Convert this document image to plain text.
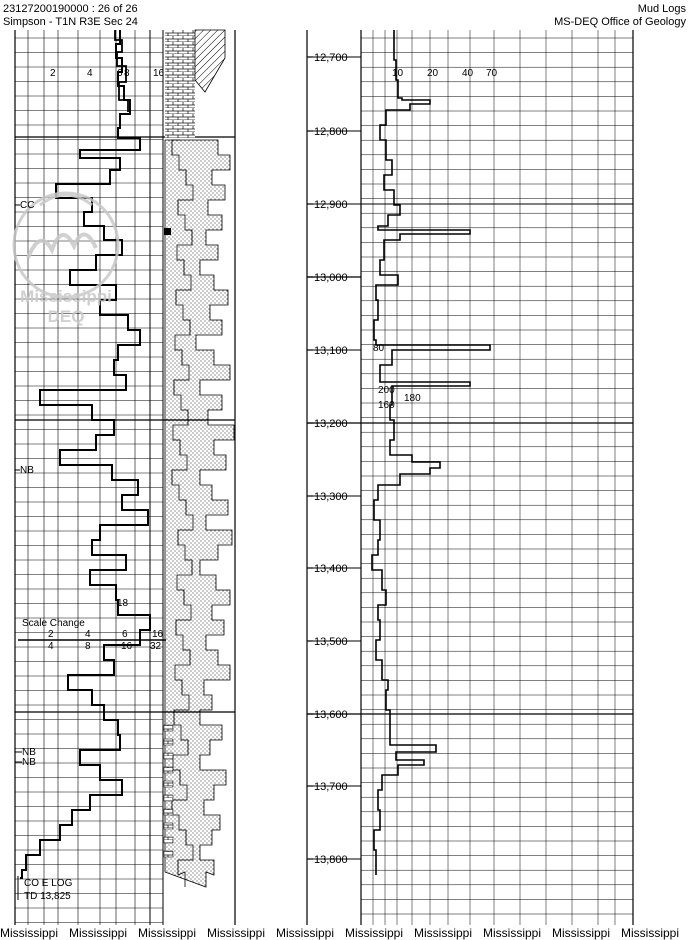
23127200190000 : 26 of 26
Simpson - T1N R3E Sec 24
Mud Logs
MS-DEQ Office of Geology
Mississippi
DEQ
2	4 6 8 16
CC
NB
NB
NB
18
Scale Change
2	4	6 16
4	8	16 32
CO E LOG
TD 13,825
12,700
12,800
12,900
13,000
13,100
13,200
13,300
13,400
13,500
13,600
13,700
13,800
10 20 40 70
80
200
180
160
Mississippi Mississippi Mississippi Mississippi Mississippi Mississippi Mississippi Mississippi Mississippi Mississippi
